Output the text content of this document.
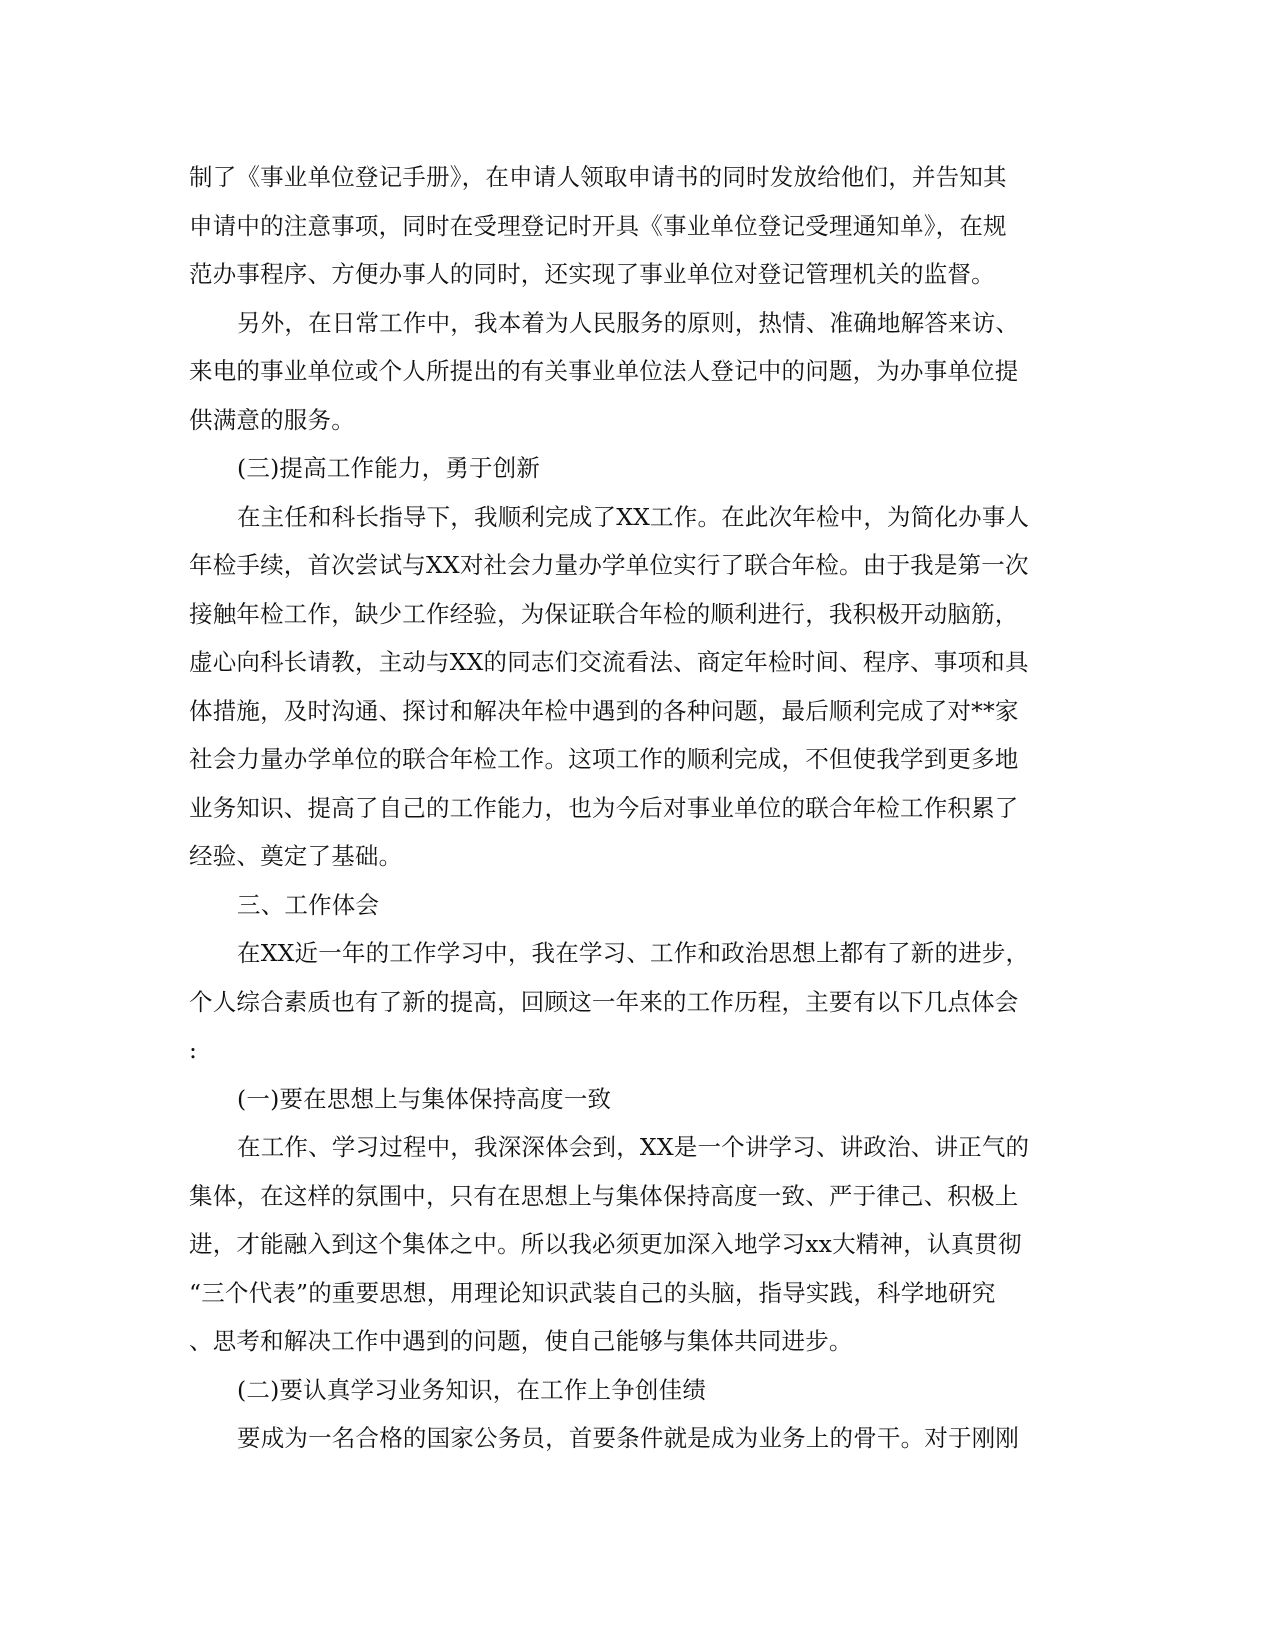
制了《事业单位登记手册》，在申请人领取申请书的同时发放给他们，并告知其
申请中的注意事项，同时在受理登记时开具《事业单位登记受理通知单》，在规
范办事程序、方便办事人的同时，还实现了事业单位对登记管理机关的监督。
另外，在日常工作中，我本着为人民服务的原则，热情、准确地解答来访、
来电的事业单位或个人所提出的有关事业单位法人登记中的问题，为办事单位提
供满意的服务。
(三)提高工作能力，勇于创新
在主任和科长指导下，我顺利完成了XX工作。在此次年检中，为简化办事人
年检手续，首次尝试与XX对社会力量办学单位实行了联合年检。由于我是第一次
接触年检工作，缺少工作经验，为保证联合年检的顺利进行，我积极开动脑筋，
虚心向科长请教，主动与XX的同志们交流看法、商定年检时间、程序、事项和具
体措施，及时沟通、探讨和解决年检中遇到的各种问题，最后顺利完成了对**家
社会力量办学单位的联合年检工作。这项工作的顺利完成，不但使我学到更多地
业务知识、提高了自己的工作能力，也为今后对事业单位的联合年检工作积累了
经验、奠定了基础。
三、工作体会
在XX近一年的工作学习中，我在学习、工作和政治思想上都有了新的进步，
个人综合素质也有了新的提高，回顾这一年来的工作历程，主要有以下几点体会
:
(一)要在思想上与集体保持高度一致
在工作、学习过程中，我深深体会到，XX是一个讲学习、讲政治、讲正气的
集体，在这样的氛围中，只有在思想上与集体保持高度一致、严于律己、积极上
进，才能融入到这个集体之中。所以我必须更加深入地学习xx大精神，认真贯彻
“三个代表”的重要思想，用理论知识武装自己的头脑，指导实践，科学地研究
、思考和解决工作中遇到的问题，使自己能够与集体共同进步。
(二)要认真学习业务知识，在工作上争创佳绩
要成为一名合格的国家公务员，首要条件就是成为业务上的骨干。对于刚刚
